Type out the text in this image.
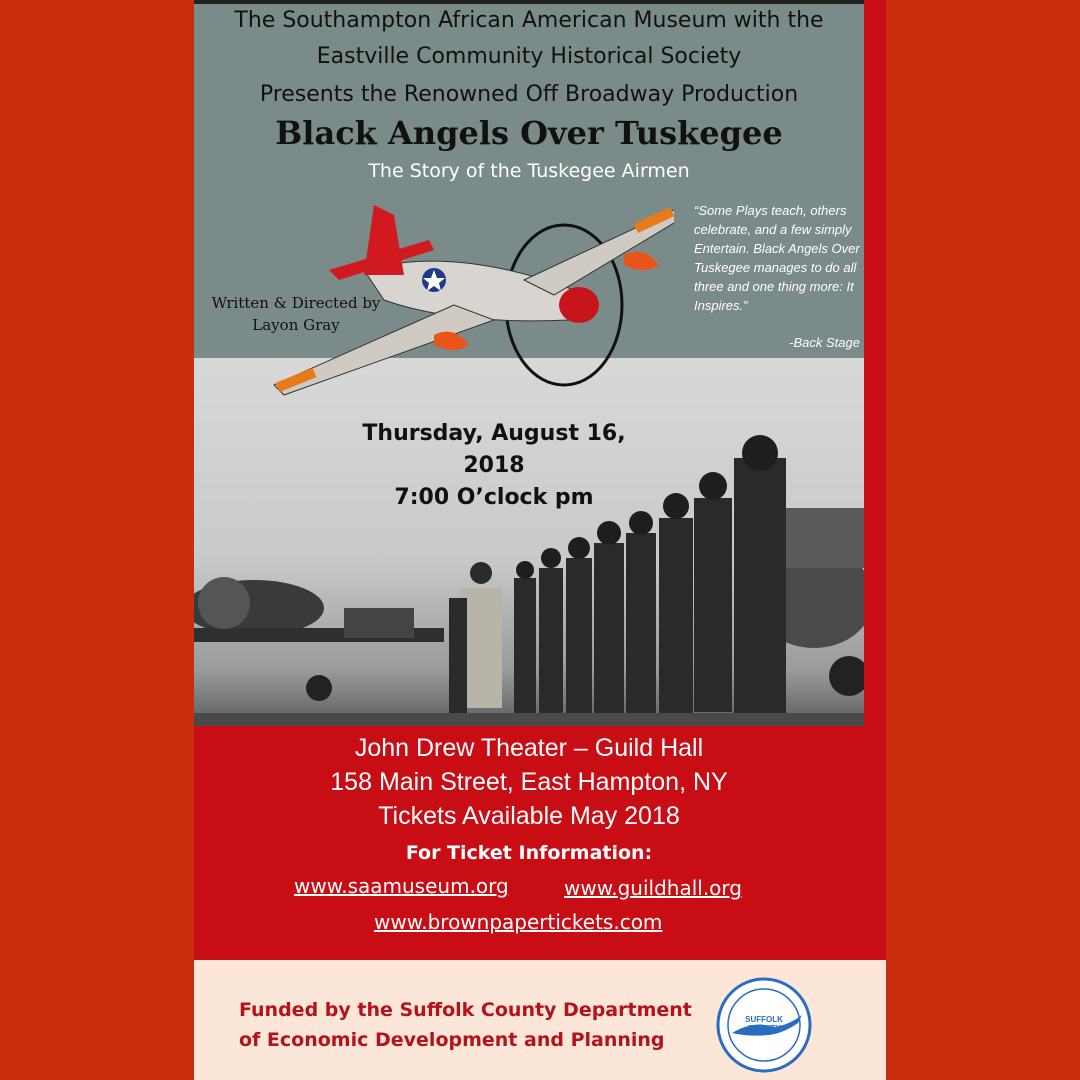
The Southampton African American Museum with the
Eastville Community Historical Society
Presents the Renowned Off Broadway Production
Black Angels Over Tuskegee
The Story of the Tuskegee Airmen
Written & Directed by
Layon Gray
“Some Plays teach, others celebrate, and a few simply Entertain. Black Angels Over Tuskegee manages to do all three and one thing more: It Inspires.”
-Back Stage
Thursday, August 16, 2018
7:00 O’clock pm
John Drew Theater – Guild Hall
158 Main Street, East Hampton, NY
Tickets Available May 2018
For Ticket Information:
www.saamuseum.org	www.guildhall.org
www.brownpapertickets.com
Funded by the Suffolk County Department of Economic Development and Planning
SUFFOLK COUNTY
